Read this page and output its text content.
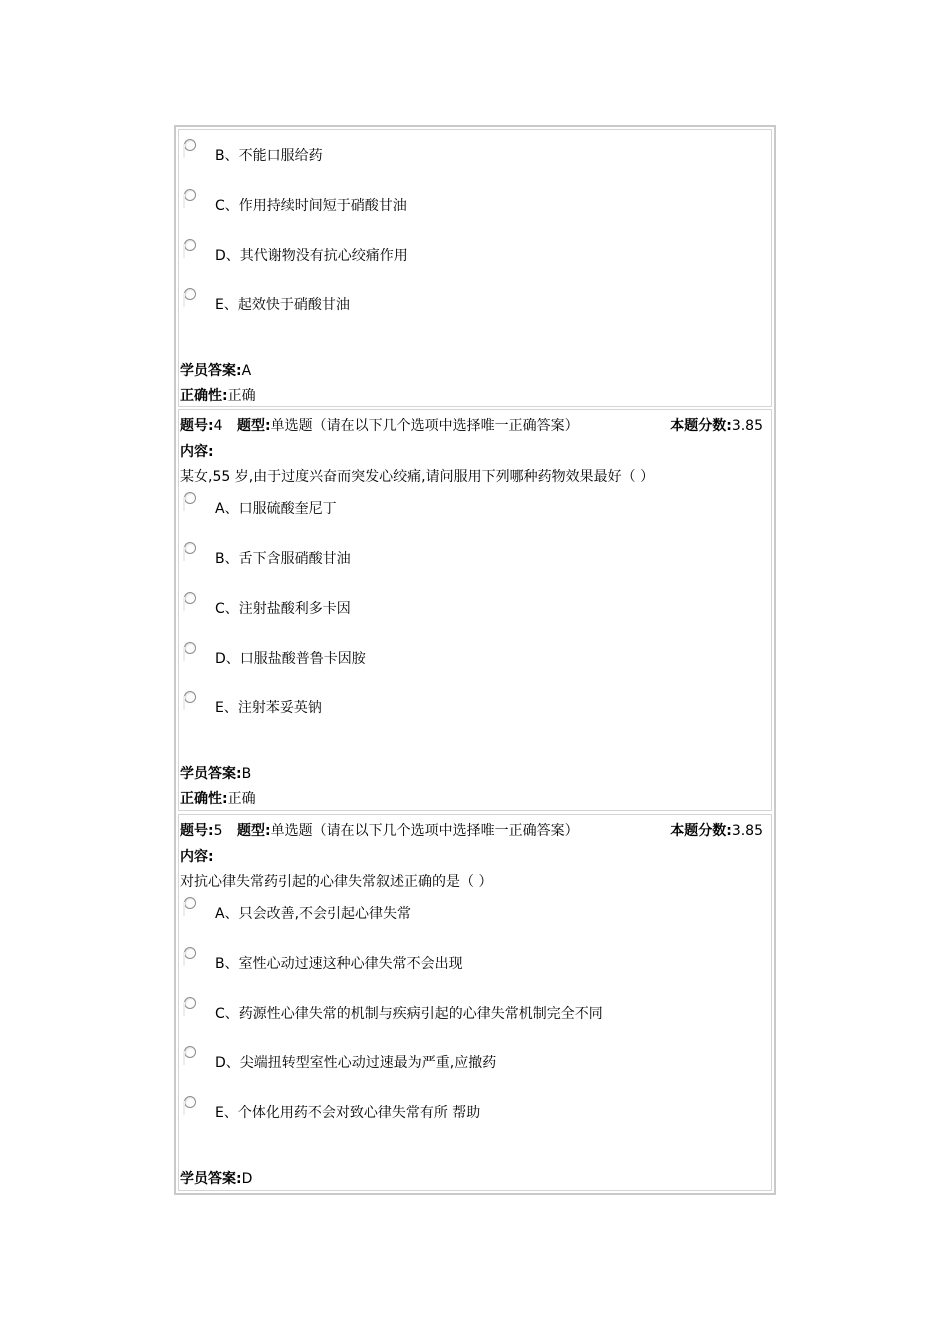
B、不能口服给药
C、作用持续时间短于硝酸甘油
D、其代谢物没有抗心绞痛作用
E、起效快于硝酸甘油
学员答案:A
正确性:正确
题号:4 题型:单选题（请在以下几个选项中选择唯一正确答案）	本题分数:3.85
内容:
某女,55 岁,由于过度兴奋而突发心绞痛,请问服用下列哪种药物效果最好（ ）
A、口服硫酸奎尼丁
B、舌下含服硝酸甘油
C、注射盐酸利多卡因
D、口服盐酸普鲁卡因胺
E、注射苯妥英钠
学员答案:B
正确性:正确
题号:5 题型:单选题（请在以下几个选项中选择唯一正确答案）	本题分数:3.85
内容:
对抗心律失常药引起的心律失常叙述正确的是（ ）
A、只会改善,不会引起心律失常
B、室性心动过速这种心律失常不会出现
C、药源性心律失常的机制与疾病引起的心律失常机制完全不同
D、尖端扭转型室性心动过速最为严重,应撤药
E、个体化用药不会对致心律失常有所 帮助
学员答案:D
